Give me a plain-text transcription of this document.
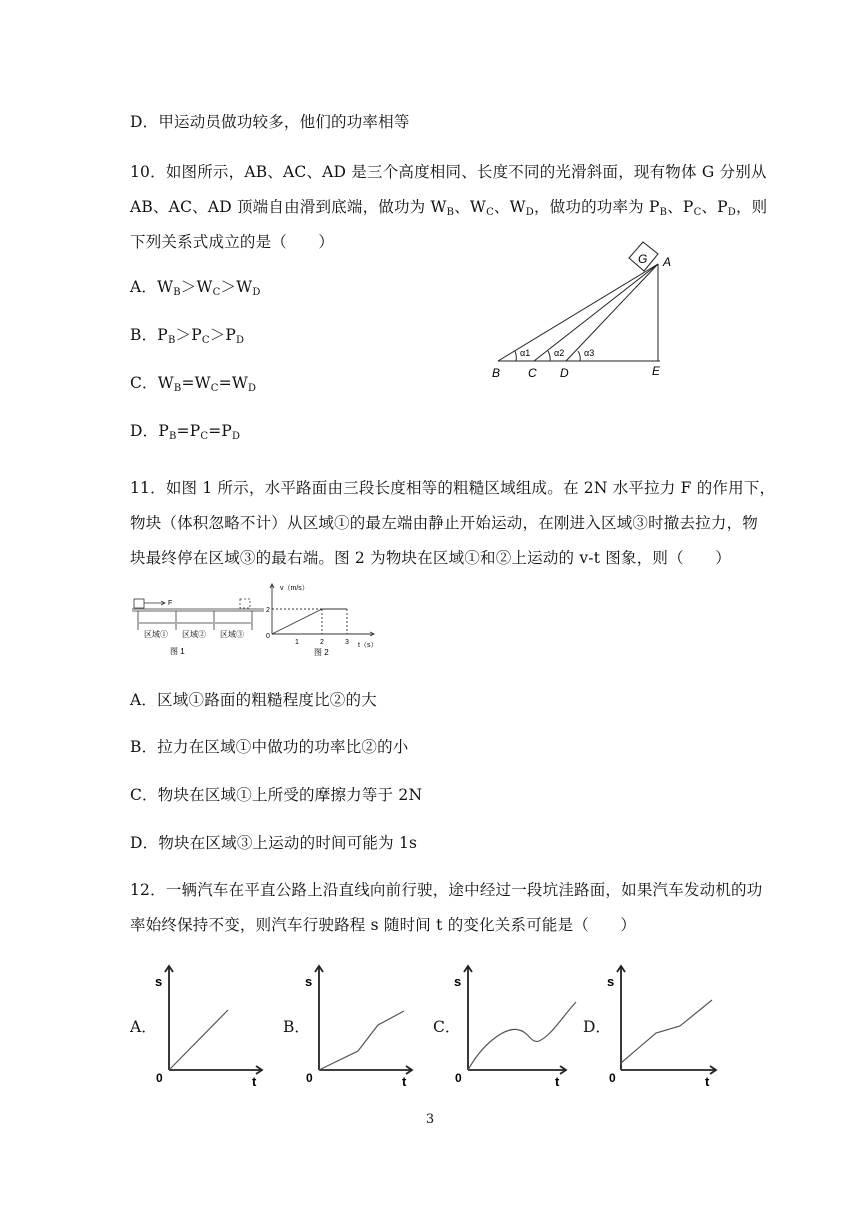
D．甲运动员做功较多，他们的功率相等
10．如图所示，AB、AC、AD 是三个高度相同、长度不同的光滑斜面，现有物体 G 分别从
AB、AC、AD 顶端自由滑到底端，做功为 WB、WC、WD，做功的功率为 PB、PC、PD，则
下列关系式成立的是（　　）
A．WB＞WC＞WD
B．PB＞PC＞PD
C．WB=WC=WD
D．PB=PC=PD
G A
B C D	E
α1	α2 α3
11．如图 1 所示，水平路面由三段长度相等的粗糙区域组成。在 2N 水平拉力 F 的作用下，
物块（体积忽略不计）从区域①的最左端由静止开始运动，在刚进入区域③时撤去拉力，物
块最终停在区域③的最右端。图 2 为物块在区域①和②上运动的 v-t 图象，则（　　）
F
区域① 区域② 区域③
图 1
v（m/s）
2
0
1	2	3 t（s）
图 2
A．区域①路面的粗糙程度比②的大
B．拉力在区域①中做功的功率比②的小
C．物块在区域①上所受的摩擦力等于 2N
D．物块在区域③上运动的时间可能为 1s
12．一辆汽车在平直公路上沿直线向前行驶，途中经过一段坑洼路面，如果汽车发动机的功
率始终保持不变，则汽车行驶路程 s 随时间 t 的变化关系可能是（　　）
A．
s
0	t
B．
s
0	t
C．
s
0	t
D．
s
0	t
3
